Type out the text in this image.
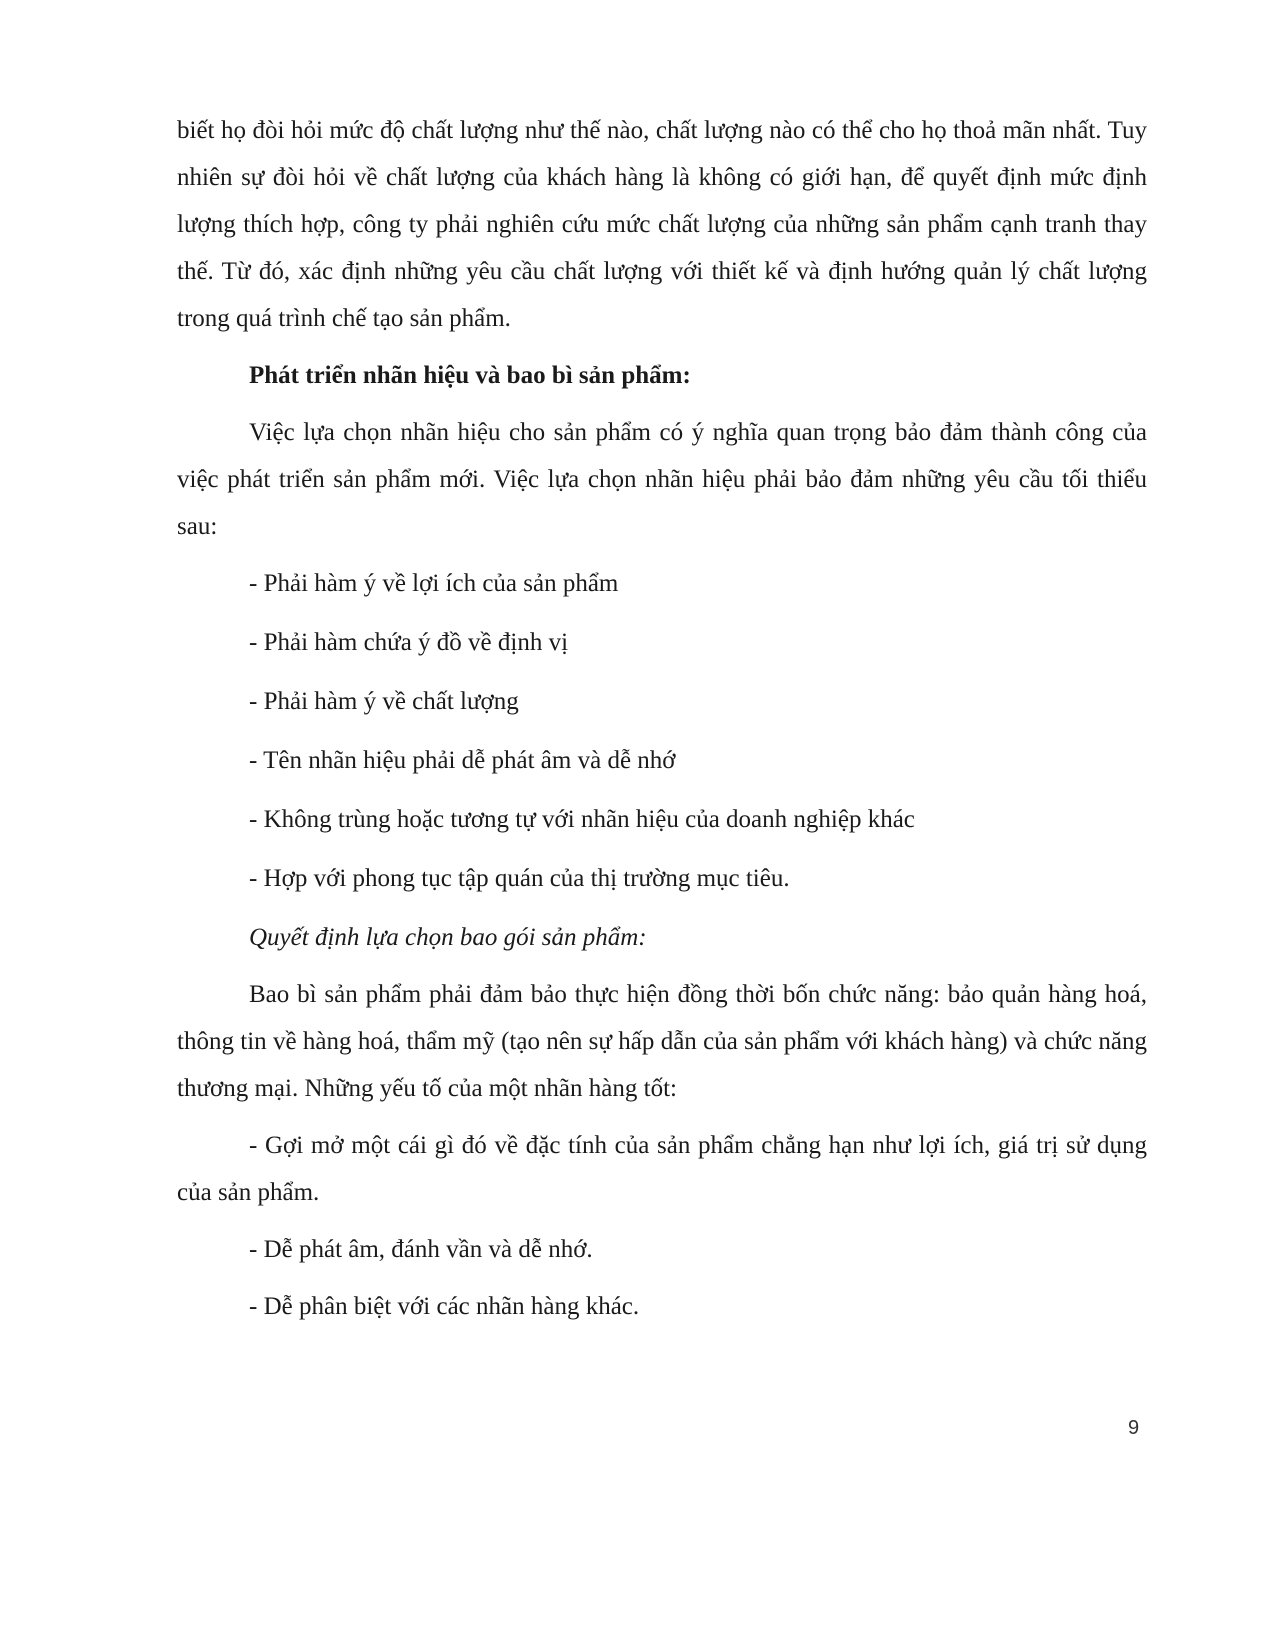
biết họ đòi hỏi mức độ chất lượng như thế nào, chất lượng nào có thể cho họ thoả mãn nhất. Tuy nhiên sự đòi hỏi về chất lượng của khách hàng là không có giới hạn, để quyết định mức định lượng thích hợp, công ty phải nghiên cứu mức chất lượng của những sản phẩm cạnh tranh thay thế. Từ đó, xác định những yêu cầu chất lượng với thiết kế và định hướng quản lý chất lượng trong quá trình chế tạo sản phẩm.

Phát triển nhãn hiệu và bao bì sản phẩm:

Việc lựa chọn nhãn hiệu cho sản phẩm có ý nghĩa quan trọng bảo đảm thành công của việc phát triển sản phẩm mới. Việc lựa chọn nhãn hiệu phải bảo đảm những yêu cầu tối thiểu sau:

- Phải hàm ý về lợi ích của sản phẩm

- Phải hàm chứa ý đồ về định vị

- Phải hàm ý về chất lượng

- Tên nhãn hiệu phải dễ phát âm và dễ nhớ

- Không trùng hoặc tương tự với nhãn hiệu của doanh nghiệp khác

- Hợp với phong tục tập quán của thị trường mục tiêu.

Quyết định lựa chọn bao gói sản phẩm:

Bao bì sản phẩm phải đảm bảo thực hiện đồng thời bốn chức năng: bảo quản hàng hoá, thông tin về hàng hoá, thẩm mỹ (tạo nên sự hấp dẫn của sản phẩm với khách hàng) và chức năng thương mại. Những yếu tố của một nhãn hàng tốt:

- Gợi mở một cái gì đó về đặc tính của sản phẩm chẳng hạn như lợi ích, giá trị sử dụng của sản phẩm.

- Dễ phát âm, đánh vần và dễ nhớ.

- Dễ phân biệt với các nhãn hàng khác.

9
